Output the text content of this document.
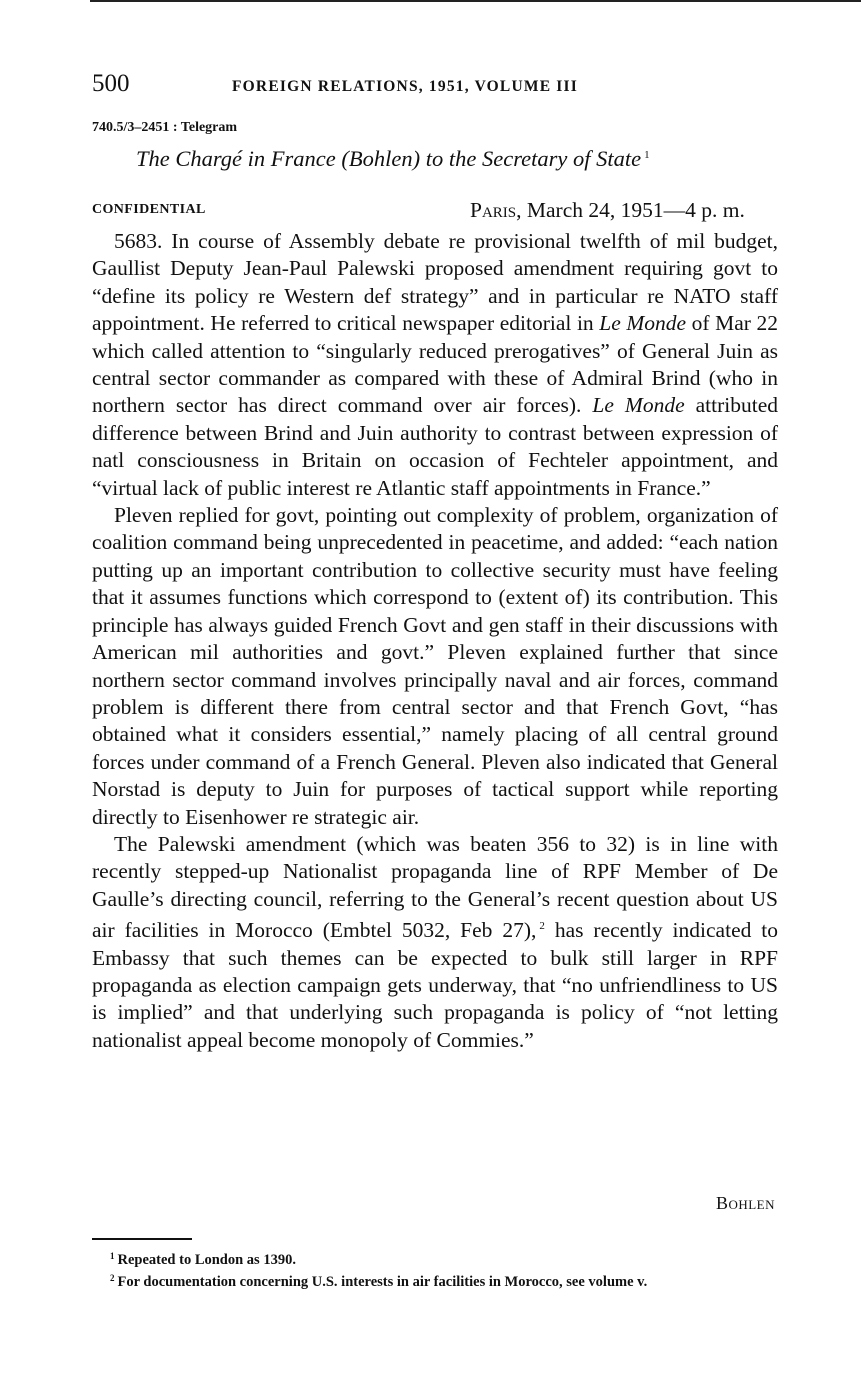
500	FOREIGN RELATIONS, 1951, VOLUME III
740.5/3–2451 : Telegram
The Chargé in France (Bohlen) to the Secretary of State $^1$
CONFIDENTIAL	Paris, March 24, 1951—4 p. m.

5683. In course of Assembly debate re provisional twelfth of mil budget, Gaullist Deputy Jean-Paul Palewski proposed amendment requiring govt to “define its policy re Western def strategy” and in particular re NATO staff appointment. He referred to critical newspaper editorial in Le Monde of Mar 22 which called attention to “singularly reduced prerogatives” of General Juin as central sector commander as compared with these of Admiral Brind (who in northern sector has direct command over air forces). Le Monde attributed difference between Brind and Juin authority to contrast between expression of natl consciousness in Britain on occasion of Fechteler appointment, and “virtual lack of public interest re Atlantic staff appointments in France.”

Pleven replied for govt, pointing out complexity of problem, organization of coalition command being unprecedented in peacetime, and added: “each nation putting up an important contribution to collective security must have feeling that it assumes functions which correspond to (extent of) its contribution. This principle has always guided French Govt and gen staff in their discussions with American mil authorities and govt.” Pleven explained further that since northern sector command involves principally naval and air forces, command problem is different there from central sector and that French Govt, “has obtained what it considers essential,” namely placing of all central ground forces under command of a French General. Pleven also indicated that General Norstad is deputy to Juin for purposes of tactical support while reporting directly to Eisenhower re strategic air.

The Palewski amendment (which was beaten 356 to 32) is in line with recently stepped-up Nationalist propaganda line of RPF Member of De Gaulle’s directing council, referring to the General’s recent question about US air facilities in Morocco (Embtel 5032, Feb 27), $^2$ has recently indicated to Embassy that such themes can be expected to bulk still larger in RPF propaganda as election campaign gets underway, that “no unfriendliness to US is implied” and that underlying such propaganda is policy of “not letting nationalist appeal become monopoly of Commies.”

Bohlen

$^1$ Repeated to London as 1390.

$^2$ For documentation concerning U.S. interests in air facilities in Morocco, see volume v.
